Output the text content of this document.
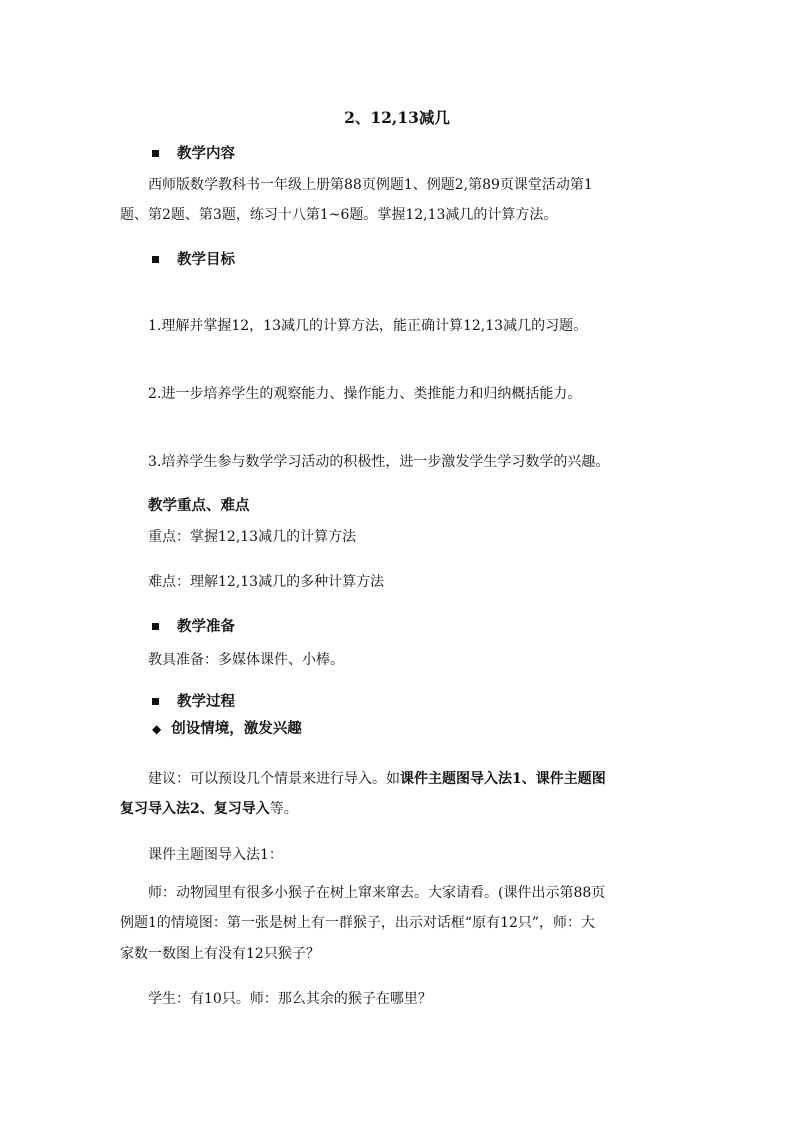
2、12,13减几
教学内容
西师版数学教科书一年级上册第88页例题1、例题2,第89页课堂活动第1
题、第2题、第3题，练习十八第1~6题。掌握12,13减几的计算方法。
教学目标
1.理解并掌握12，13减几的计算方法，能正确计算12,13减几的习题。
2.进一步培养学生的观察能力、操作能力、类推能力和归纳概括能力。
3.培养学生参与数学学习活动的积极性，进一步激发学生学习数学的兴趣。
教学重点、难点
重点：掌握12,13减几的计算方法
难点：理解12,13减几的多种计算方法
教学准备
教具准备：多媒体课件、小棒。
教学过程
◆ 创设情境，激发兴趣
建议：可以预设几个情景来进行导入。如课件主题图导入法1、课件主题图
复习导入法2、复习导入等。
课件主题图导入法1：
师：动物园里有很多小猴子在树上窜来窜去。大家请看。(课件出示第88页
例题1的情境图：第一张是树上有一群猴子，出示对话框“原有12只”，师：大
家数一数图上有没有12只猴子？
学生：有10只。师：那么其余的猴子在哪里？
